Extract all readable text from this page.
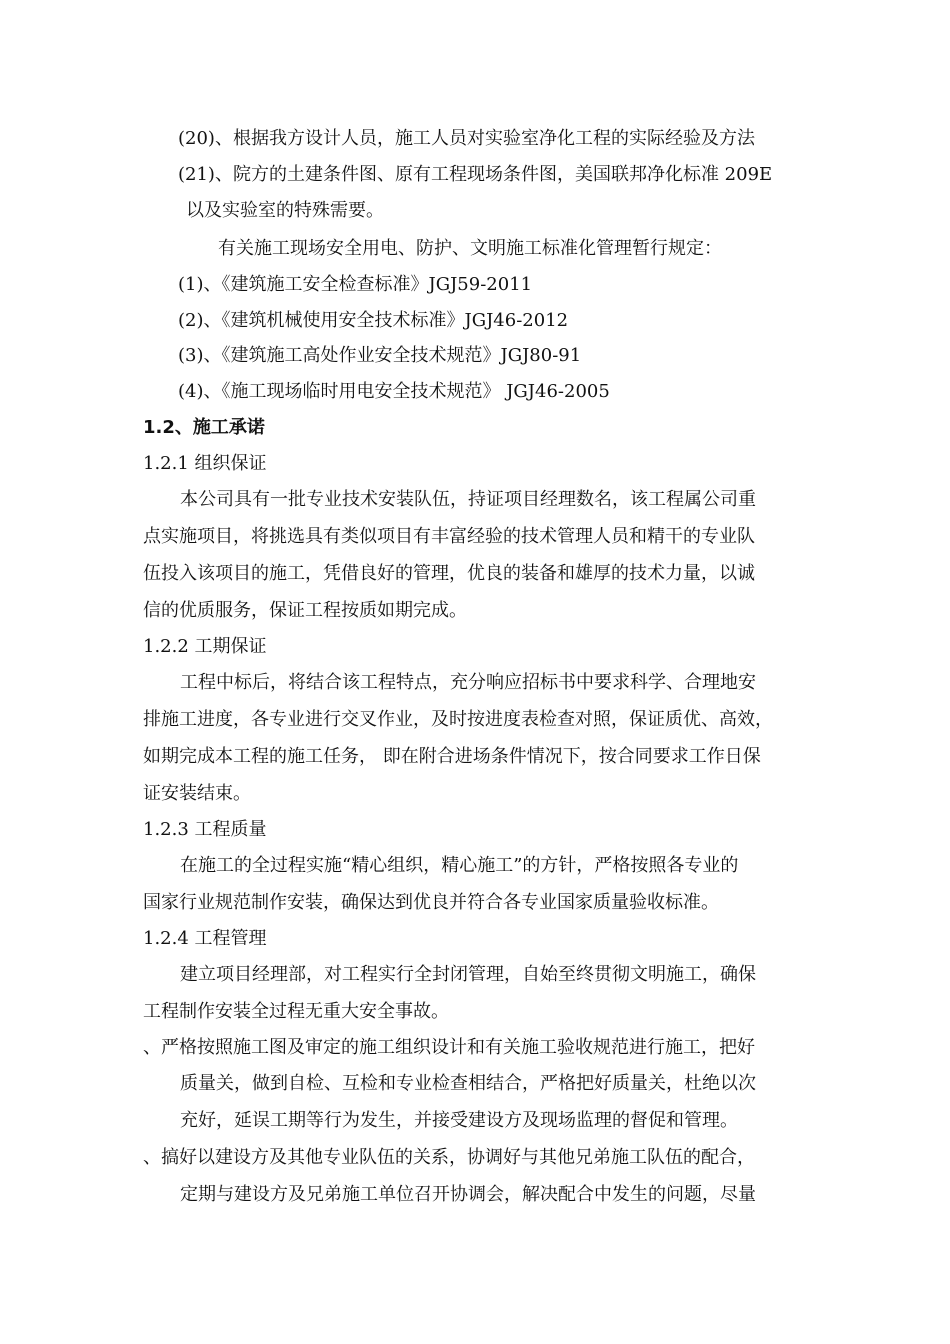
(20)、根据我方设计人员，施工人员对实验室净化工程的实际经验及方法
(21)、院方的土建条件图、原有工程现场条件图，美国联邦净化标准 209E
以及实验室的特殊需要。
有关施工现场安全用电、防护、文明施工标准化管理暂行规定：
(1)、《建筑施工安全检查标准》JGJ59-2011
(2)、《建筑机械使用安全技术标准》JGJ46-2012
(3)、《建筑施工高处作业安全技术规范》JGJ80-91
(4)、《施工现场临时用电安全技术规范》 JGJ46-2005
1.2、施工承诺
1.2.1 组织保证
本公司具有一批专业技术安装队伍，持证项目经理数名，该工程属公司重
点实施项目，将挑选具有类似项目有丰富经验的技术管理人员和精干的专业队
伍投入该项目的施工，凭借良好的管理，优良的装备和雄厚的技术力量，以诚
信的优质服务，保证工程按质如期完成。
1.2.2 工期保证
工程中标后，将结合该工程特点，充分响应招标书中要求科学、合理地安
排施工进度，各专业进行交叉作业，及时按进度表检查对照，保证质优、高效，
如期完成本工程的施工任务， 即在附合进场条件情况下，按合同要求工作日保
证安装结束。
1.2.3 工程质量
在施工的全过程实施“精心组织，精心施工”的方针，严格按照各专业的
国家行业规范制作安装，确保达到优良并符合各专业国家质量验收标准。
1.2.4 工程管理
建立项目经理部，对工程实行全封闭管理，自始至终贯彻文明施工，确保
工程制作安装全过程无重大安全事故。
、严格按照施工图及审定的施工组织设计和有关施工验收规范进行施工，把好
质量关，做到自检、互检和专业检查相结合，严格把好质量关，杜绝以次
充好，延误工期等行为发生，并接受建设方及现场监理的督促和管理。
、搞好以建设方及其他专业队伍的关系，协调好与其他兄弟施工队伍的配合，
定期与建设方及兄弟施工单位召开协调会，解决配合中发生的问题，尽量
